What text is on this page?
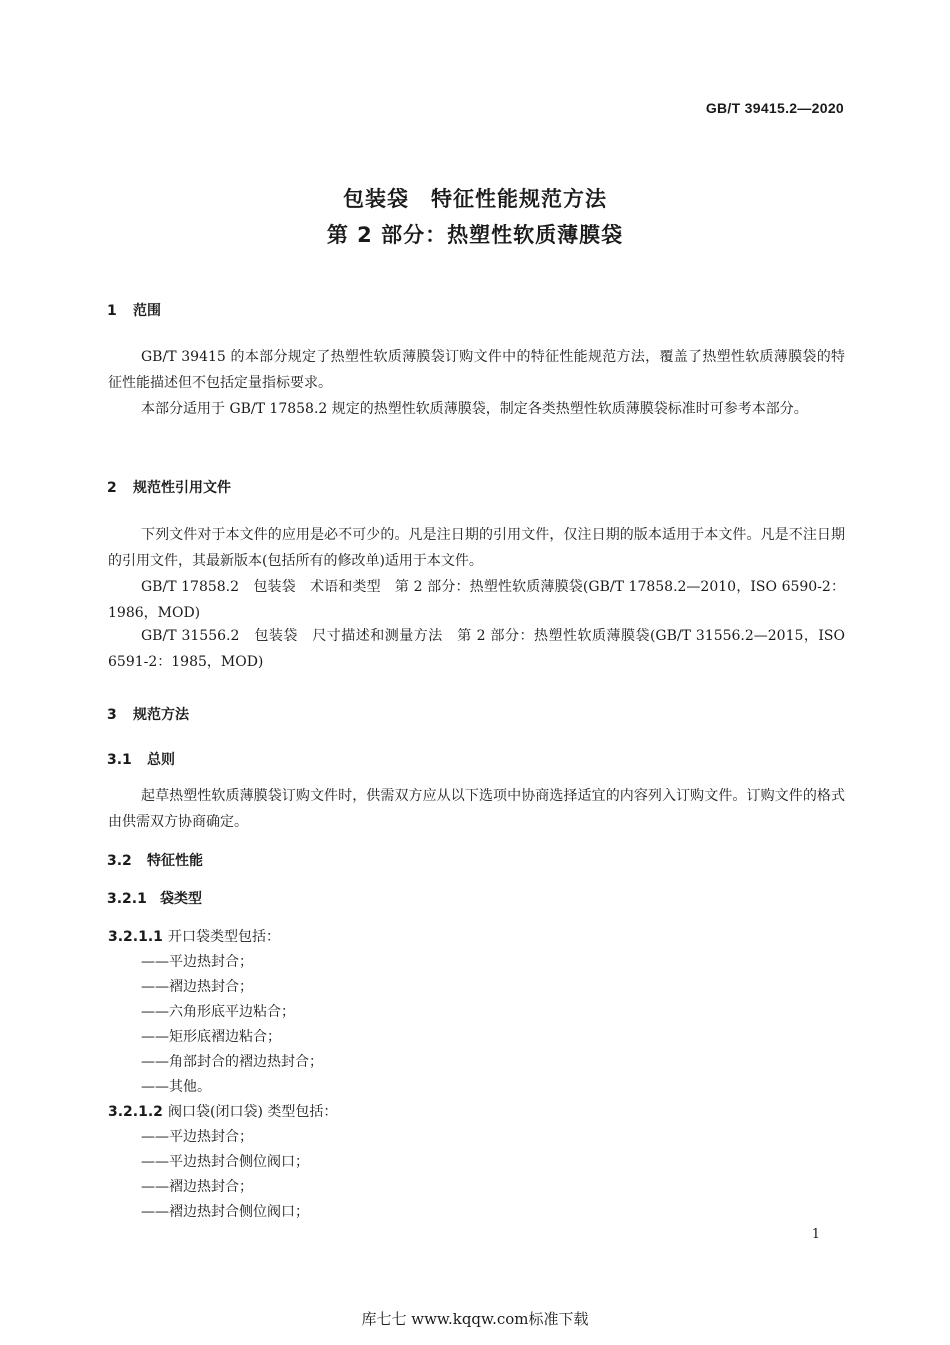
GB/T 39415.2—2020
包装袋　特征性能规范方法
第 2 部分：热塑性软质薄膜袋
1 范围
GB/T 39415 的本部分规定了热塑性软质薄膜袋订购文件中的特征性能规范方法，覆盖了热塑性软质薄膜袋的特征性能描述但不包括定量指标要求。
本部分适用于 GB/T 17858.2 规定的热塑性软质薄膜袋，制定各类热塑性软质薄膜袋标准时可参考本部分。
2 规范性引用文件
下列文件对于本文件的应用是必不可少的。凡是注日期的引用文件，仅注日期的版本适用于本文件。凡是不注日期的引用文件，其最新版本(包括所有的修改单)适用于本文件。
GB/T 17858.2　包装袋　术语和类型　第 2 部分：热塑性软质薄膜袋(GB/T 17858.2—2010，ISO 6590-2：1986，MOD)
GB/T 31556.2　包装袋　尺寸描述和测量方法　第 2 部分：热塑性软质薄膜袋(GB/T 31556.2—2015，ISO 6591-2：1985，MOD)
3 规范方法
3.1 总则
起草热塑性软质薄膜袋订购文件时，供需双方应从以下选项中协商选择适宜的内容列入订购文件。订购文件的格式由供需双方协商确定。
3.2 特征性能
3.2.1 袋类型
3.2.1.1 开口袋类型包括：
——平边热封合；
——褶边热封合；
——六角形底平边粘合；
——矩形底褶边粘合；
——角部封合的褶边热封合；
——其他。
3.2.1.2 阀口袋(闭口袋) 类型包括：
——平边热封合；
——平边热封合侧位阀口；
——褶边热封合；
——褶边热封合侧位阀口；
1
库七七 www.kqqw.com标准下载
